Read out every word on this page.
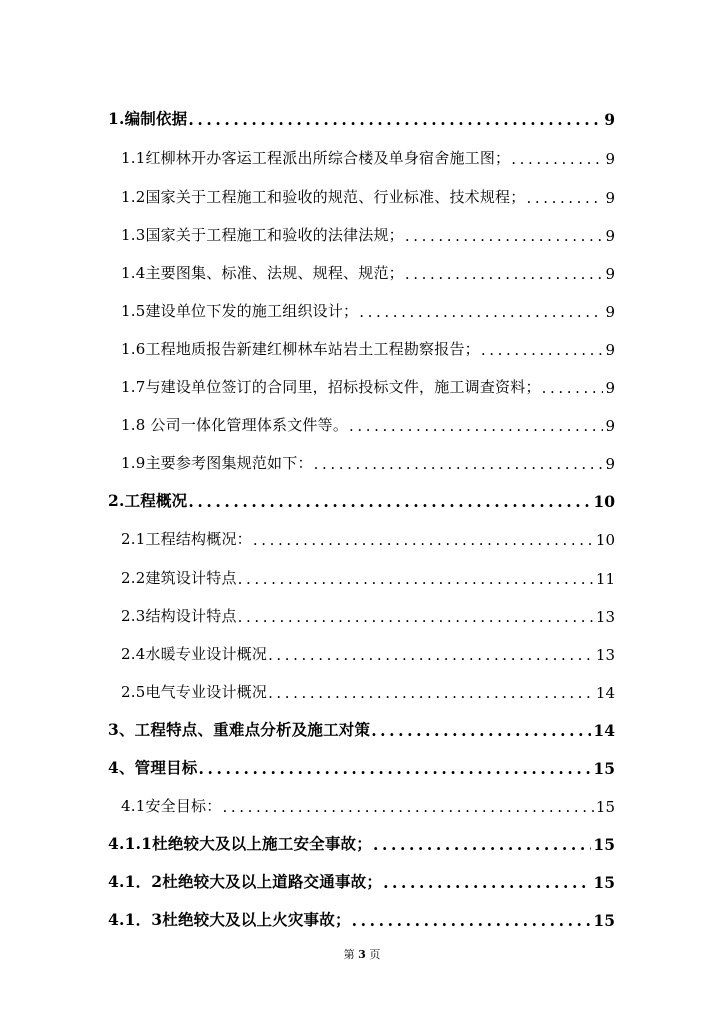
1.编制依据 .....	9
1.1红柳林开办客运工程派出所综合楼及单身宿舍施工图； .....	9
1.2国家关于工程施工和验收的规范、行业标准、技术规程； .....	9
1.3国家关于工程施工和验收的法律法规； .....	9
1.4主要图集、标准、法规、规程、规范； .....	9
1.5建设单位下发的施工组织设计； .....	9
1.6工程地质报告新建红柳林车站岩土工程勘察报告； .....	9
1.7与建设单位签订的合同里，招标投标文件，施工调查资料； .....	9
1.8 公司一体化管理体系文件等。 .....	9
1.9主要参考图集规范如下： .....	9
2.工程概况 .....	10
2.1工程结构概况： .....	10
2.2建筑设计特点 .....	11
2.3结构设计特点 .....	13
2.4水暖专业设计概况 .....	13
2.5电气专业设计概况 .....	14
3、工程特点、重难点分析及施工对策 .....	14
4、管理目标 .....	15
4.1安全目标： .....	15
4.1.1杜绝较大及以上施工安全事故； .....	15
4.1．2杜绝较大及以上道路交通事故； .....	15
4.1．3杜绝较大及以上火灾事故； .....	15
第 3 页
